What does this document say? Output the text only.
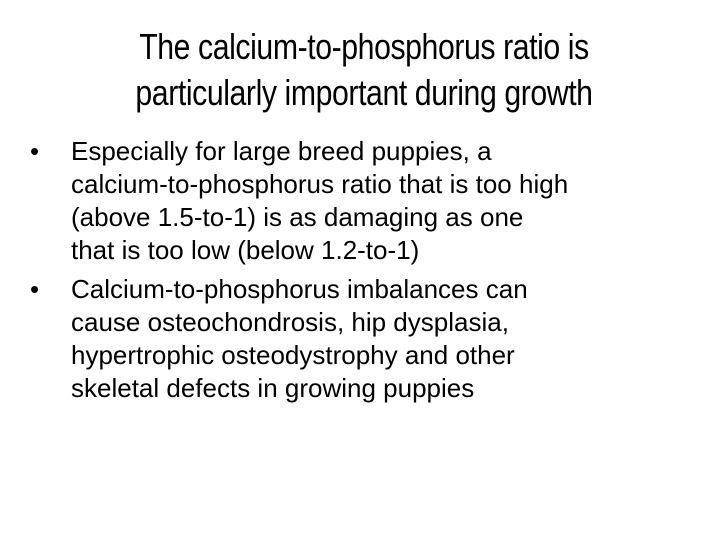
The calcium-to-phosphorus ratio is
particularly important during growth
• Especially for large breed puppies, a
calcium-to-phosphorus ratio that is too high
(above 1.5-to-1) is as damaging as one
that is too low (below 1.2-to-1)
• Calcium-to-phosphorus imbalances can
cause osteochondrosis, hip dysplasia,
hypertrophic osteodystrophy and other
skeletal defects in growing puppies
